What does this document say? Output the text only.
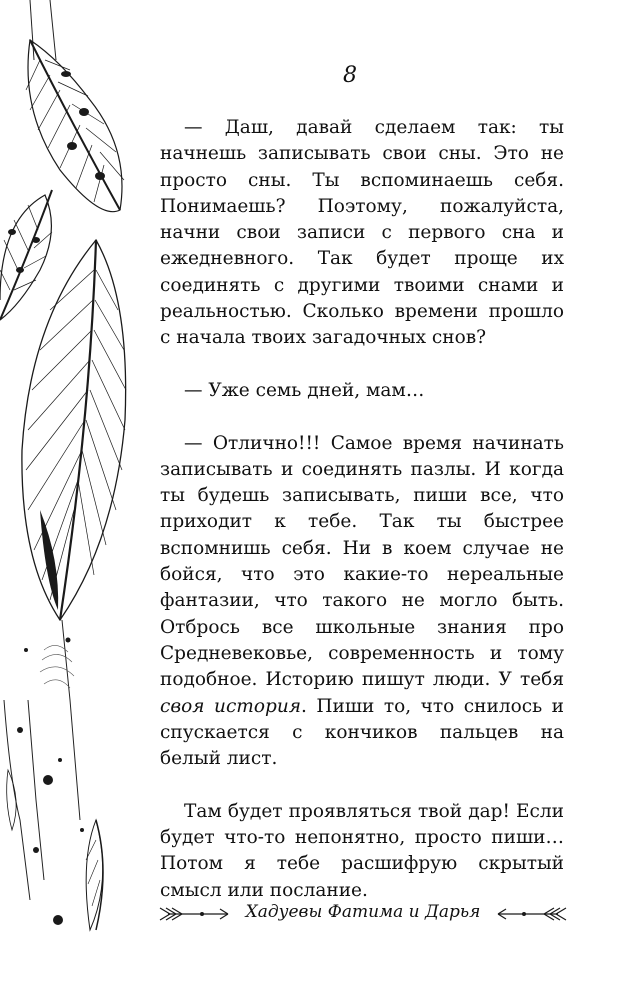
8

— Даш, давай сделаем так: ты начнешь записывать свои сны. Это не просто сны. Ты вспоминаешь себя. Понимаешь? Поэтому, пожалуйста, начни свои записи с первого сна и ежедневного. Так будет проще их соединять с другими твоими снами и реальностью. Сколько времени прошло с начала твоих загадочных снов?

— Уже семь дней, мам…

— Отлично!!! Самое время начинать записывать и соединять пазлы. И когда ты будешь записывать, пиши все, что приходит к тебе. Так ты быстрее вспомнишь себя. Ни в коем случае не бойся, что это какие-то нереальные фантазии, что такого не могло быть. Отбрось все школьные знания про Средневековье, современность и тому подобное. Историю пишут люди. У тебя своя история. Пиши то, что снилось и спускается с кончиков пальцев на белый лист.

Там будет проявляться твой дар! Если будет что-то непонятно, просто пиши… Потом я тебе расшифрую скрытый смысл или послание.

Хадуевы Фатима и Дарья
